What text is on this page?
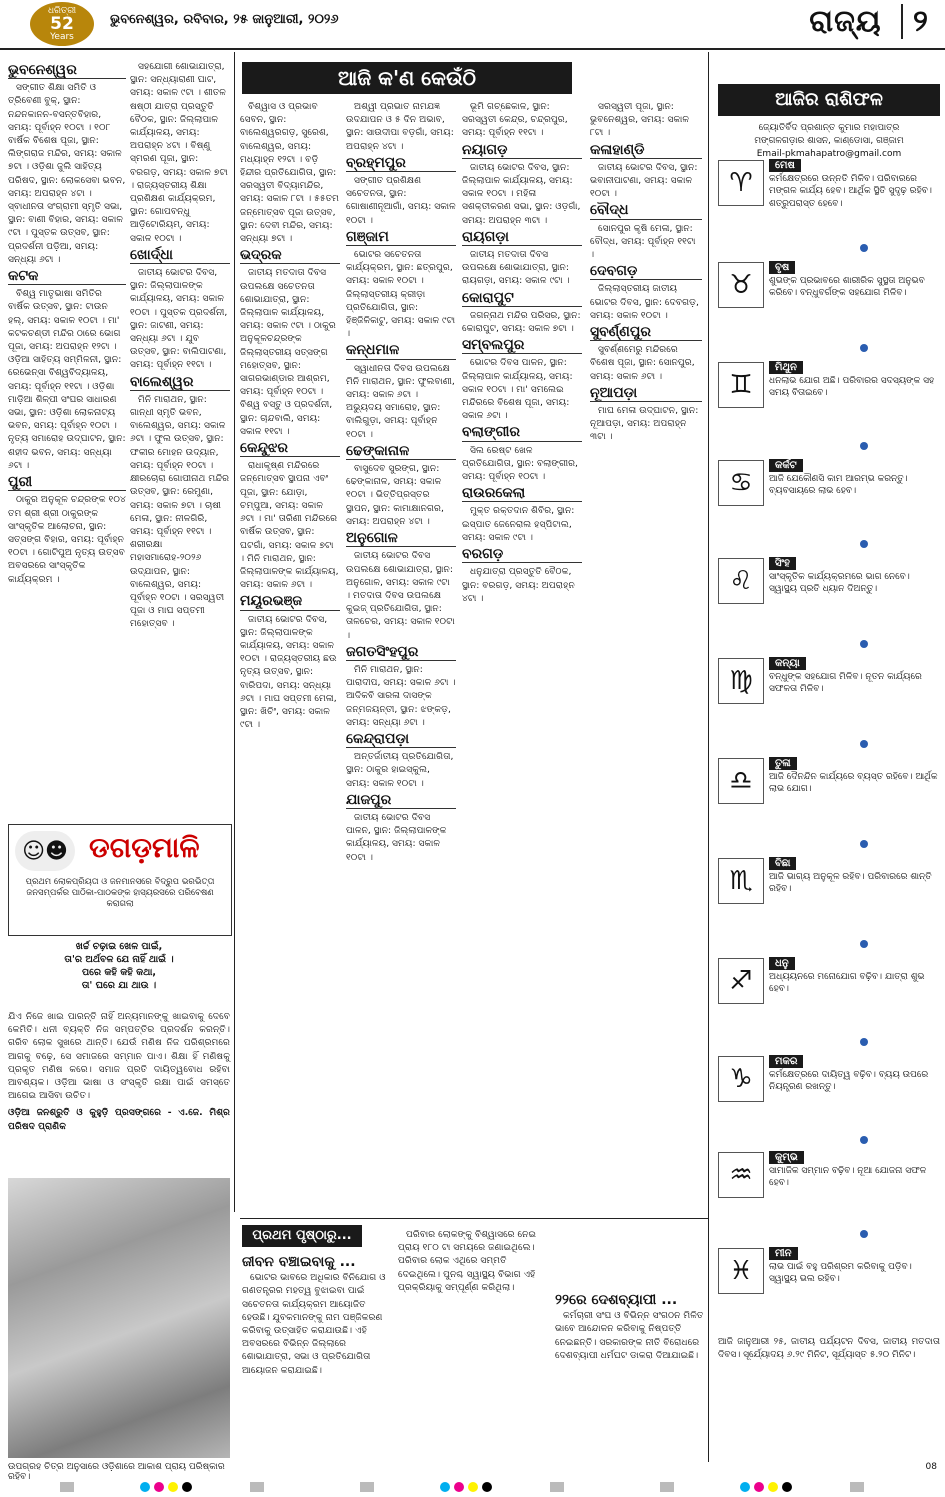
ଧରିତ୍ରୀ
52
Years
ଭୁବନେଶ୍ୱର, ରବିବାର, ୨୫ ଜାନୁଆରୀ, ୨୦୨୬	ରାଜ୍ୟ ୨
ଆଜି କ'ଣ କେଉଁଠି
ଭୁବନେଶ୍ୱର

ସଙ୍ଗୀତ ଶିକ୍ଷା ସମିତି ଓ ତ୍ରିବେଣୀ ବୁକ୍, ସ୍ଥାନ: ନନ୍ଦନକାନନ-ବସନ୍ତବିହାର, ସମୟ: ପୂର୍ବାହ୍ନ ୧୦ଟା । ୧୦୮ ବାର୍ଷିକ ବିଶେଷ ପୂଜା, ସ୍ଥାନ: ଲିଙ୍ଗରାଜ ମନ୍ଦିର, ସମୟ: ସକାଳ ୭ଟା । ଓଡ଼ିଶା ଜୁଲି ସାହିତ୍ୟ ପରିଷଦ, ସ୍ଥାନ: ଲୋକସେବା ଭବନ, ସମୟ: ଅପରାହ୍ନ ୪ଟା । ସ୍ବାଧୀନତା ସଂଗ୍ରାମୀ ସ୍ମୃତି ସଭା, ସ୍ଥାନ: ବାଣୀ ବିହାର, ସମୟ: ସକାଳ ୯ଟା । ପୁସ୍ତକ ଉତ୍ସବ, ସ୍ଥାନ: ପ୍ରଦର୍ଶନୀ ପଡ଼ିଆ, ସମୟ: ସନ୍ଧ୍ୟା ୬ଟା ।

କଟକ

ବିଶ୍ୱ ମାତୃଭାଷା ସମିତିର ବାର୍ଷିକ ଉତ୍ସବ, ସ୍ଥାନ: ଟାଉନ ହଲ୍, ସମୟ: ସକାଳ ୧୦ଟା । ମା' କଟକଚଣ୍ଡୀ ମନ୍ଦିର ଠାରେ ଭୋଗ ପୂଜା, ସମୟ: ଅପରାହ୍ନ ୧୨ଟା । ଓଡ଼ିଆ ସାହିତ୍ୟ ସମ୍ମିଳନୀ, ସ୍ଥାନ: ରେଭେନ୍ସା ବିଶ୍ୱବିଦ୍ୟାଳୟ, ସମୟ: ପୂର୍ବାହ୍ନ ୧୧ଟା । ଓଡ଼ିଶା ମାଡ଼ିଆ ଶିଳ୍ପୀ ସଂଘର ସାଧାରଣ ସଭା, ସ୍ଥାନ: ଓଡ଼ିଶା ଲୋକନାଟ୍ୟ ଭବନ, ସମୟ: ପୂର୍ବାହ୍ନ ୧୦ଟା । ନୃତ୍ୟ ସମାରୋହ ଉଦ୍‌ଘାଟନ, ସ୍ଥାନ: ଶହୀଦ ଭବନ, ସମୟ: ସନ୍ଧ୍ୟା ୬ଟା ।

ପୁରୀ

ଠାକୁର ଅନୁକୂଳ ଚନ୍ଦ୍ରଙ୍କ ୧୦୪ ତମ ଶ୍ରୀ ଶ୍ରୀ ଠାକୁରଙ୍କ ସାଂସ୍କୃତିକ ଆଲୋଚନା, ସ୍ଥାନ: ସତ୍ସଙ୍ଗ ବିହାର, ସମୟ: ପୂର୍ବାହ୍ନ ୧୦ଟା । ଗୋଟିପୁଅ ନୃତ୍ୟ ଉତ୍ସବ ଅବସରରେ ସାଂସ୍କୃତିକ କାର୍ଯ୍ୟକ୍ରମ ।

ସହଯୋଗୀ ଶୋଭାଯାତ୍ରା, ସ୍ଥାନ: ସନ୍ଧ୍ୟାରାଣୀ ଘାଟ, ସମୟ: ସକାଳ ୯ଟା । ଶୀତଳ ଷଷ୍ଠୀ ଯାତ୍ରା ପ୍ରସ୍ତୁତି ବୈଠକ, ସ୍ଥାନ: ଜିଲ୍ଲାପାଳ କାର୍ଯ୍ୟାଳୟ, ସମୟ: ଅପରାହ୍ନ ୪ଟା । ବିଷ୍ଣୁ ସ୍ମରଣ ପୂଜା, ସ୍ଥାନ: ବରଗଡ଼, ସମୟ: ସକାଳ ୭ଟା । ରାଜ୍ୟସ୍ତରୀୟ ଶିକ୍ଷା ପ୍ରଶିକ୍ଷଣ କାର୍ଯ୍ୟକ୍ରମ, ସ୍ଥାନ: ଗୋପବନ୍ଧୁ ଆଡ଼ିଟୋରିୟମ୍, ସମୟ: ସକାଳ ୧୦ଟା ।

ଖୋର୍ଦ୍ଧା

ଜାତୀୟ ଭୋଟର ଦିବସ, ସ୍ଥାନ: ଜିଲ୍ଲାପାଳଙ୍କ କାର୍ଯ୍ୟାଳୟ, ସମୟ: ସକାଳ ୧୦ଟା । ପୁସ୍ତକ ପ୍ରଦର୍ଶନୀ, ସ୍ଥାନ: ଜାଟଣୀ, ସମୟ: ସନ୍ଧ୍ୟା ୬ଟା । ଯୁବ ଉତ୍ସବ, ସ୍ଥାନ: ବାଲିପାଟଣା, ସମୟ: ପୂର୍ବାହ୍ନ ୧୧ଟା ।

ବାଲେଶ୍ୱର

ମିନି ମାରାଥନ, ସ୍ଥାନ: ଗାନ୍ଧୀ ସ୍ମୃତି ଭବନ, ବାଲେଶ୍ୱର, ସମୟ: ସକାଳ ୬ଟା । ଫୁଲ ଉତ୍ସବ, ସ୍ଥାନ: ଫକୀର ମୋହନ ଉଦ୍ୟାନ, ସମୟ: ପୂର୍ବାହ୍ନ ୧୦ଟା । କ୍ଷୀରଚୋରା ଗୋପୀନାଥ ମନ୍ଦିର ଉତ୍ସବ, ସ୍ଥାନ: ରେମୁଣା, ସମୟ: ସକାଳ ୭ଟା । ଚାଷୀ ମେଳା, ସ୍ଥାନ: ନୀଳଗିରି, ସମୟ: ପୂର୍ବାହ୍ନ ୧୧ଟା । ଶରୀରକ୍ଷା ମହାସମାରୋହ-୨୦୨୬ ଉଦ୍‌ଯାପନ, ସ୍ଥାନ: ବାଲେଶ୍ୱର, ସମୟ: ପୂର୍ବାହ୍ନ ୧୦ଟା । ସରସ୍ୱତୀ ପୂଜା ଓ ମାଘ ସପ୍ତମୀ ମହୋତ୍ସବ ।

ବିଶ୍ୱାସ ଓ ପ୍ରଭାବ ସେବନ, ସ୍ଥାନ: ବାଲେଶ୍ୱରଗଡ଼, ସୁରେଶ, ବାଲେଶ୍ୱର, ସମୟ: ମଧ୍ୟାହ୍ନ ୧୨ଟା । ବଡ଼ି ହିନ୍ଦୀର ପ୍ରତିଯୋଗିତା, ସ୍ଥାନ: ସରସ୍ୱତୀ ବିଦ୍ୟାମନ୍ଦିର, ସମୟ: ସକାଳ ୮ଟା । ୫୫ତମ ଜନ୍ମୋତ୍ସବ ପୂଜା ଉତ୍ସବ, ସ୍ଥାନ: ଦେବୀ ମନ୍ଦିର, ସମୟ: ସନ୍ଧ୍ୟା ୭ଟା ।

ଭଦ୍ରକ

ଜାତୀୟ ମତଦାତା ଦିବସ ଉପଲକ୍ଷେ ସଚେତନତା ଶୋଭାଯାତ୍ରା, ସ୍ଥାନ: ଜିଲ୍ଲାପାଳ କାର୍ଯ୍ୟାଳୟ, ସମୟ: ସକାଳ ୯ଟା । ଠାକୁର ଅନୁକୂଳଚନ୍ଦ୍ରଙ୍କ ଜିଲ୍ଲାସ୍ତରୀୟ ସତ୍ସଙ୍ଗ ମହୋତ୍ସବ, ସ୍ଥାନ: ସାଗରଭାଣ୍ଡାର ଆଶ୍ରମ, ସମୟ: ପୂର୍ବାହ୍ନ ୧୦ଟା । ବିଶ୍ୱ ବସ୍ତୁ ଓ ପ୍ରଦର୍ଶନୀ, ସ୍ଥାନ: ଚାନ୍ଦବାଲି, ସମୟ: ସକାଳ ୧୧ଟା ।

କେନ୍ଦୁଝର

ରାଧାକୃଷ୍ଣ ମନ୍ଦିରରେ ଜନ୍ମୋତ୍ସବ ସ୍ଥାପନା ଏବଂ ପୂଜା, ସ୍ଥାନ: ଯୋଡ଼ା, ଚମ୍ପୁଆ, ସମୟ: ସକାଳ ୬ଟା । ମା' ତାରିଣୀ ମନ୍ଦିରରେ ବାର୍ଷିକ ଉତ୍ସବ, ସ୍ଥାନ: ଘଟଗାଁ, ସମୟ: ସକାଳ ୭ଟା । ମିନି ମାରାଥନ, ସ୍ଥାନ: ଜିଲ୍ଲାପାଳଙ୍କ କାର୍ଯ୍ୟାଳୟ, ସମୟ: ସକାଳ ୬ଟା ।

ମୟୂରଭଞ୍ଜ

ଜାତୀୟ ଭୋଟର ଦିବସ, ସ୍ଥାନ: ଜିଲ୍ଲାପାଳଙ୍କ କାର୍ଯ୍ୟାଳୟ, ସମୟ: ସକାଳ ୧୦ଟା । ରାଜ୍ୟସ୍ତରୀୟ ଛଉ ନୃତ୍ୟ ଉତ୍ସବ, ସ୍ଥାନ: ବାରିପଦା, ସମୟ: ସନ୍ଧ୍ୟା ୬ଟା । ମାଘ ସପ୍ତମୀ ମେଳା, ସ୍ଥାନ: ଖିଚିଂ, ସମୟ: ସକାଳ ୯ଟା ।

ଅଶ୍ୱୀ ପ୍ରଭାତ ନାମଯଜ୍ଞ ଉଦଯାପନ ଓ ୫ ଦିନ ଅଭାବ, ସ୍ଥାନ: ସାଉଦୀପା ବଡ଼ଗାଁ, ସମୟ: ଅପରାହ୍ନ ୪ଟା ।

ବ୍ରହ୍ମପୁର

ସଙ୍ଗୀତ ପ୍ରଶିକ୍ଷଣ ସଚେତନତା, ସ୍ଥାନ: ଗୋଷାଣୀନୂଆଗାଁ, ସମୟ: ସକାଳ ୧୦ଟା ।

ଗଞ୍ଜାମ

ଭୋଟର ସଚେତନତା କାର୍ଯ୍ୟକ୍ରମ, ସ୍ଥାନ: ଛତ୍ରପୁର, ସମୟ: ସକାଳ ୧୦ଟା । ଜିଲ୍ଲାସ୍ତରୀୟ କ୍ରୀଡ଼ା ପ୍ରତିଯୋଗିତା, ସ୍ଥାନ: ହିଞ୍ଜିଳିକାଟୁ, ସମୟ: ସକାଳ ୯ଟା ।

କନ୍ଧମାଳ

ସ୍ୱାଧୀନତା ଦିବସ ଉପଲକ୍ଷେ ମିନି ମାରାଥନ, ସ୍ଥାନ: ଫୁଲବାଣୀ, ସମୟ: ସକାଳ ୬ଟା । ଅଭ୍ୟୁଦୟ ସମାରୋହ, ସ୍ଥାନ: ବାଲିଗୁଡ଼ା, ସମୟ: ପୂର୍ବାହ୍ନ ୧୦ଟା ।

ଢେଙ୍କାନାଳ

ବାସୁଦେବ ସୁରଙ୍ଗ, ସ୍ଥାନ: ଢେଙ୍କାନାଳ, ସମୟ: ସକାଳ ୧୦ଟା । ଭିତ୍ତିପ୍ରସ୍ତର ସ୍ଥାପନ, ସ୍ଥାନ: କାମାକ୍ଷାନଗର, ସମୟ: ଅପରାହ୍ନ ୪ଟା ।

ଅନୁଗୋଳ

ଜାତୀୟ ଭୋଟର ଦିବସ ଉପଲକ୍ଷେ ଶୋଭାଯାତ୍ରା, ସ୍ଥାନ: ଅନୁଗୋଳ, ସମୟ: ସକାଳ ୯ଟା । ମତଦାତା ଦିବସ ଉପଲକ୍ଷେ କୁଇଜ୍ ପ୍ରତିଯୋଗିତା, ସ୍ଥାନ: ତାଳଚେର, ସମୟ: ସକାଳ ୧୦ଟା ।

ଜଗତସିଂହପୁର

ମିନି ମାରାଥନ, ସ୍ଥାନ: ପାରାଦୀପ, ସମୟ: ସକାଳ ୬ଟା । ଆଦିକବି ସାରଳା ଦାସଙ୍କ ଜନ୍ମଜୟନ୍ତୀ, ସ୍ଥାନ: ଝଙ୍କଡ଼, ସମୟ: ସନ୍ଧ୍ୟା ୬ଟା ।

କେନ୍ଦ୍ରାପଡ଼ା

ଅନ୍ତର୍ଜାତୀୟ ପ୍ରତିଯୋଗିତା, ସ୍ଥାନ: ଠାକୁର ହାଇସ୍କୁଲ, ସମୟ: ସକାଳ ୧୦ଟା ।

ଯାଜପୁର

ଜାତୀୟ ଭୋଟର ଦିବସ ପାଳନ, ସ୍ଥାନ: ଜିଲ୍ଲାପାଳଙ୍କ କାର୍ଯ୍ୟାଳୟ, ସମୟ: ସକାଳ ୧୦ଟା ।

ଭୂମି ଗଚ୍ଛେକାଳ, ସ୍ଥାନ: ସରସ୍ୱତୀ କେନ୍ଦ୍ର, ଚନ୍ଦ୍ରପୁର, ସମୟ: ପୂର୍ବାହ୍ନ ୧୧ଟା ।

ନୟାଗଡ଼

ଜାତୀୟ ଭୋଟର ଦିବସ, ସ୍ଥାନ: ଜିଲ୍ଲାପାଳ କାର୍ଯ୍ୟାଳୟ, ସମୟ: ସକାଳ ୧୦ଟା । ମହିଳା ସଶକ୍ତୀକରଣ ସଭା, ସ୍ଥାନ: ଓଡ଼ଗାଁ, ସମୟ: ଅପରାହ୍ନ ୩ଟା ।

ରାୟଗଡ଼ା

ଜାତୀୟ ମତଦାତା ଦିବସ ଉପଲକ୍ଷେ ଶୋଭାଯାତ୍ରା, ସ୍ଥାନ: ରାୟଗଡ଼ା, ସମୟ: ସକାଳ ୯ଟା ।

କୋରାପୁଟ

ଜଗନ୍ନାଥ ମନ୍ଦିର ପରିସର, ସ୍ଥାନ: କୋରାପୁଟ, ସମୟ: ସକାଳ ୭ଟା ।

ସମ୍ବଲପୁର

ଭୋଟର ଦିବସ ପାଳନ, ସ୍ଥାନ: ଜିଲ୍ଲାପାଳ କାର୍ଯ୍ୟାଳୟ, ସମୟ: ସକାଳ ୧୦ଟା । ମା' ସମଲେଇ ମନ୍ଦିରରେ ବିଶେଷ ପୂଜା, ସମୟ: ସକାଳ ୬ଟା ।

ବଲାଙ୍ଗୀର

ସିଲ ରେଷ୍ଟ ଖେଳ ପ୍ରତିଯୋଗିତା, ସ୍ଥାନ: ବଲାଙ୍ଗୀର, ସମୟ: ପୂର୍ବାହ୍ନ ୧୦ଟା ।

ରାଉରକେଲା

ମୁକ୍ତ ରକ୍ତଦାନ ଶିବିର, ସ୍ଥାନ: ଇସ୍ପାତ ଜେନେରାଲ ହସ୍ପିଟାଲ, ସମୟ: ସକାଳ ୯ଟା ।

ବରଗଡ଼

ଧନୁଯାତ୍ରା ପ୍ରସ୍ତୁତି ବୈଠକ, ସ୍ଥାନ: ବରଗଡ଼, ସମୟ: ଅପରାହ୍ନ ୪ଟା ।

ସରସ୍ୱତୀ ପୂଜା, ସ୍ଥାନ: ଭୁବନେଶ୍ୱର, ସମୟ: ସକାଳ ୮ଟା ।

କଳାହାଣ୍ଡି

ଜାତୀୟ ଭୋଟର ଦିବସ, ସ୍ଥାନ: ଭବାନୀପାଟଣା, ସମୟ: ସକାଳ ୧୦ଟା ।

ବୌଦ୍ଧ

ସୋନପୁର କୃଷି ମେଳା, ସ୍ଥାନ: ବୌଦ୍ଧ, ସମୟ: ପୂର୍ବାହ୍ନ ୧୧ଟା ।

ଦେବଗଡ଼

ଜିଲ୍ଲାସ୍ତରୀୟ ଜାତୀୟ ଭୋଟର ଦିବସ, ସ୍ଥାନ: ଦେବଗଡ଼, ସମୟ: ସକାଳ ୧୦ଟା ।

ସୁବର୍ଣ୍ଣପୁର

ସୁବର୍ଣ୍ଣମେରୁ ମନ୍ଦିରରେ ବିଶେଷ ପୂଜା, ସ୍ଥାନ: ସୋନପୁର, ସମୟ: ସକାଳ ୬ଟା ।

ନୂଆପଡ଼ା

ମାଘ ମେଳା ଉଦ୍‌ଘାଟନ, ସ୍ଥାନ: ନୂଆପଡ଼ା, ସମୟ: ଅପରାହ୍ନ ୩ଟା ।

ଆଜିର ରାଶିଫଳ
ଜ୍ୟୋତିର୍ବିଦ ପ୍ରଶାନ୍ତ କୁମାର ମହାପାତ୍ର
ମଙ୍ଗଳଗଡ଼ାର ଶାସନ, କାଣ୍ଡୋସା, ଗଞ୍ଜାମ
Email-pkmahapatro@gmail.com
♈
ମେଷ

କର୍ମକ୍ଷେତ୍ରରେ ଉନ୍ନତି ମିଳିବ। ପରିବାରରେ ମଙ୍ଗଳ କାର୍ଯ୍ୟ ହେବ। ଆର୍ଥିକ ସ୍ଥିତି ସୁଦୃଢ଼ ରହିବ। ଶତ୍ରୁପରାସ୍ତ ହେବେ।

♉
ବୃଷ

ଶୁଭଙ୍କ ପ୍ରଭାବରେ ଶାରୀରିକ ସୁସ୍ଥତା ଅନୁଭବ କରିବେ। ବନ୍ଧୁବର୍ଗଙ୍କ ସହଯୋଗ ମିଳିବ।

♊
ମିଥୁନ

ଧନଲାଭ ଯୋଗ ଅଛି। ପରିବାରର ସଦସ୍ୟଙ୍କ ସହ ସମୟ ବିତାଇବେ।

♋
କର୍କଟ

ଆଜି ଯେକୌଣସି କାମ ଆରମ୍ଭ କରନ୍ତୁ। ବ୍ୟବସାୟରେ ଲାଭ ହେବ।

♌
ସିଂହ

ସାଂସ୍କୃତିକ କାର୍ଯ୍ୟକ୍ରମରେ ଭାଗ ନେବେ। ସ୍ୱାସ୍ଥ୍ୟ ପ୍ରତି ଧ୍ୟାନ ଦିଅନ୍ତୁ।

♍
କନ୍ୟା

ବନ୍ଧୁଙ୍କ ସହଯୋଗ ମିଳିବ। ନୂତନ କାର୍ଯ୍ୟରେ ସଫଳତା ମିଳିବ।

♎
ତୁଳା

ଆଜି ଦୈନନ୍ଦିନ କାର୍ଯ୍ୟରେ ବ୍ୟସ୍ତ ରହିବେ। ଆର୍ଥିକ ଲାଭ ଯୋଗ।

♏
ବିଛା

ଆଜି ଭାଗ୍ୟ ଅନୁକୂଳ ରହିବ। ପରିବାରରେ ଶାନ୍ତି ରହିବ।

♐
ଧନୁ

ଅଧ୍ୟୟନରେ ମନୋଯୋଗ ବଢ଼ିବ। ଯାତ୍ରା ଶୁଭ ହେବ।

♑
ମକର

କର୍ମକ୍ଷେତ୍ରରେ ଦାୟିତ୍ୱ ବଢ଼ିବ। ବ୍ୟୟ ଉପରେ ନିୟନ୍ତ୍ରଣ ରଖନ୍ତୁ।

♒
କୁମ୍ଭ

ସାମାଜିକ ସମ୍ମାନ ବଢ଼ିବ। ନୂଆ ଯୋଜନା ସଫଳ ହେବ।

♓
ମୀନ

ଲାଭ ପାଇଁ ବହୁ ପରିଶ୍ରମ କରିବାକୁ ପଡ଼ିବ। ସ୍ୱାସ୍ଥ୍ୟ ଭଲ ରହିବ।

ଆଜି ଜାନୁଆରୀ ୨୫, ଜାତୀୟ ପର୍ଯ୍ୟଟନ ଦିବସ, ଜାତୀୟ ମତଦାତା ଦିବସ। ସୂର୍ଯ୍ୟୋଦୟ ୬.୨୯ ମିନିଟ, ସୂର୍ଯ୍ୟାସ୍ତ ୫.୨୦ ମିନିଟ।
☺☻ ଡଗଡ଼ମାଳି
ପ୍ରଥମ ଲୋକପ୍ରିୟତା ଓ ଜନମାନସରେ ବିଦ୍ରୁପ ଭରଭିତ୍ତା ଜନସମ୍ପର୍କର ପାଠିକା-ପାଠକଙ୍କ ହାସ୍ୟରସରେ ପରିବେଷଣ କରାଗଲା
ଖର୍ଚ୍ଚ ଚଢ଼ାଇ ଖେଳ ପାଇଁ,
ତା'ର ଅର୍ଥବଳ ଯେ ନାହିଁ ଥାଇଁ ।
ପରେ କହି କହି କଥା,
ତା' ଘରେ ଯା ଥାଉ ।
ଯିଏ ନିଜେ ଖାଇ ପାରନ୍ତି ନାହିଁ ଅନ୍ୟମାନଙ୍କୁ ଖାଇବାକୁ ଦେବେ କେମିତି। ଧନୀ ବ୍ୟକ୍ତି ନିଜ ସମ୍ପତ୍ତିର ପ୍ରଦର୍ଶନ କରନ୍ତି। ଗରିବ ଲୋକ ସୁଖରେ ଥାନ୍ତି। ଯେଉଁ ମଣିଷ ନିଜ ପରିଶ୍ରମରେ ଆଗକୁ ବଢ଼େ, ସେ ସମାଜରେ ସମ୍ମାନ ପାଏ। ଶିକ୍ଷା ହିଁ ମଣିଷକୁ ପ୍ରକୃତ ମଣିଷ କରେ। ସମାଜ ପ୍ରତି ଦାୟିତ୍ୱବୋଧ ରହିବା ଆବଶ୍ୟକ। ଓଡ଼ିଆ ଭାଷା ଓ ସଂସ୍କୃତି ରକ୍ଷା ପାଇଁ ସମସ୍ତେ ଆଗେଇ ଆସିବା ଉଚିତ।
ଓଡ଼ିଆ ଜନଶ୍ରୁତି ଓ କୁହୁଡ଼ି ପ୍ରସଙ୍ଗରେ - ଏ.ଜେ. ମିଶ୍ର ପରିଷଦ ପ୍ରାଣିକ
ଉପଗ୍ରହ ଚିତ୍ର ଅନୁସାରେ ଓଡ଼ିଶାରେ ଆକାଶ ପ୍ରାୟ ପରିଷ୍କାର ରହିବ।
ପ୍ରଥମ ପୃଷ୍ଠାରୁ...
ଜୀବନ ବଞ୍ଚାଇବାକୁ ...

ଭୋଟର ଭାବରେ ଅଧିକାର ବିନିଯୋଗ ଓ ଗଣତନ୍ତ୍ରର ମହତ୍ୱ ବୁଝାଇବା ପାଇଁ ସଚେତନତା କାର୍ଯ୍ୟକ୍ରମ ଆୟୋଜିତ ହେଉଛି। ଯୁବକମାନଙ୍କୁ ନାମ ପଞ୍ଜିକରଣ କରିବାକୁ ଉତ୍ସାହିତ କରାଯାଉଛି। ଏହି ଅବସରରେ ବିଭିନ୍ନ ଜିଲ୍ଲାରେ ଶୋଭାଯାତ୍ରା, ସଭା ଓ ପ୍ରତିଯୋଗିତା ଆୟୋଜନ କରାଯାଇଛି।

ପରିବାର ଲୋକଙ୍କୁ ବିଶ୍ୱାସରେ ନେଇ ପ୍ରାୟ ୧୮୦ ଟା ସମୟରେ ଜଣାଇଥିଲେ। ପରିବାର ଲୋକ ଏଥିରେ ସମ୍ମତି ଦେଇଥିଲେ। ପୁନଶ୍ଚ ସ୍ୱାସ୍ଥ୍ୟ ବିଭାଗ ଏହି ପ୍ରକ୍ରିୟାକୁ ସମ୍ପୂର୍ଣ୍ଣ କରିଥିଲା।

୨୨ରେ ଦେଶବ୍ୟାପୀ ...

କର୍ମଚାରୀ ସଂଘ ଓ ବିଭିନ୍ନ ସଂଗଠନ ମିଳିତ ଭାବେ ଆନ୍ଦୋଳନ କରିବାକୁ ନିଷ୍ପତ୍ତି ନେଇଛନ୍ତି। ସରକାରଙ୍କ ନୀତି ବିରୋଧରେ ଦେଶବ୍ୟାପୀ ଧର୍ମଘଟ ଡାକରା ଦିଆଯାଇଛି।

08
